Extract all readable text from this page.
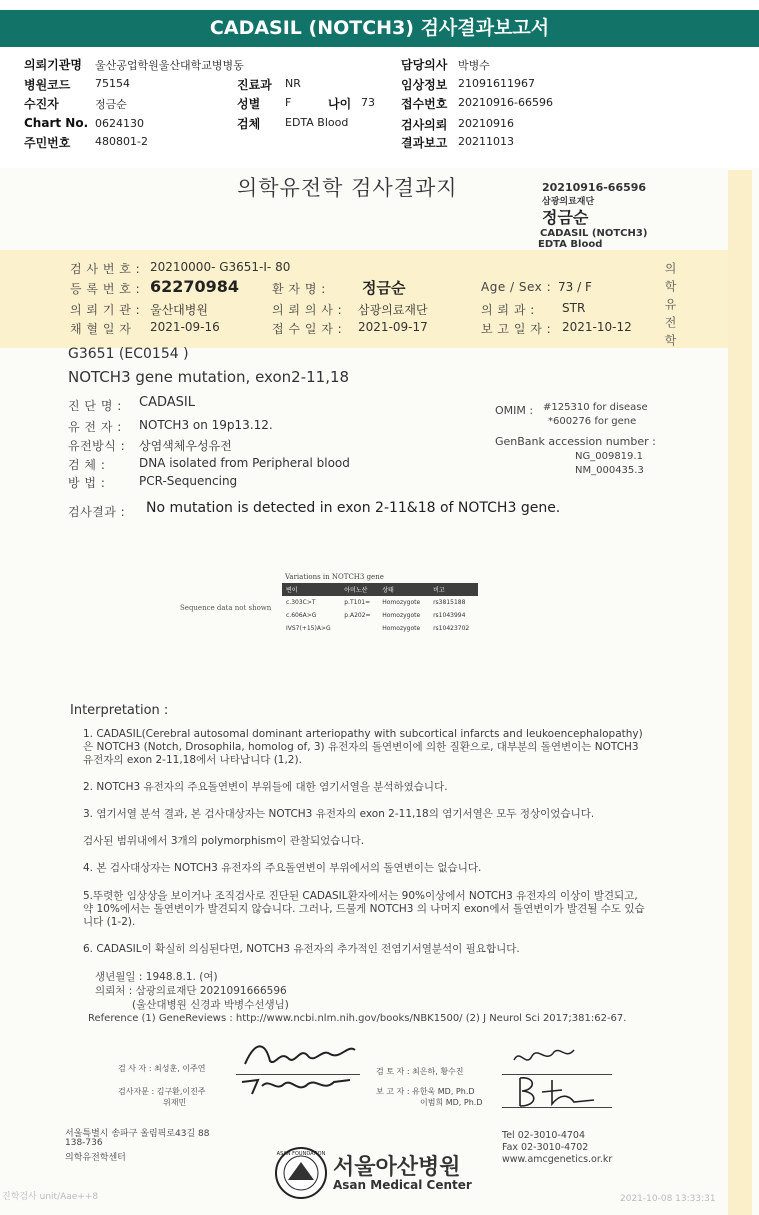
CADASIL (NOTCH3) 검사결과보고서
의뢰기관명 울산공업학원울산대학교병병동	담당의사 박병수
병원코드 75154	진료과 NR	임상정보 21091611967
수진자	정금순	성별 F	나이 73 접수번호 20210916-66596
Chart No. 0624130	검체 EDTA Blood	검사의뢰 20210916
주민번호 480801-2	결과보고 20211013
의학유전학 검사결과지	20210916-66596
삼광의료재단
정금순
CADASIL (NOTCH3)
EDTA Blood
의학유전학
검 사 번 호 : 20210000- G3651-I- 80
등 록 번 호 : 62270984	환 자 명 : 정금순	Age / Sex : 73 / F
의 뢰 기 관 : 울산대병원	의 뢰 의 사 : 삼광의료재단	의 뢰 과 : STR
채 혈 일 자 2021-09-16	접 수 일 자 : 2021-09-17	보 고 일 자 : 2021-10-12
G3651 (EC0154 )
NOTCH3 gene mutation, exon2-11,18
진 단 명 : CADASIL
유 전 자 : NOTCH3 on 19p13.12.
유전방식 : 상염색체우성유전
검 체 :	DNA isolated from Peripheral blood
방 법 :	PCR-Sequencing
OMIM : #125310 for disease
*600276 for gene
GenBank accession number :
NG_009819.1
NM_000435.3
검사결과 : No mutation is detected in exon 2-11&18 of NOTCH3 gene.
Variations in NOTCH3 gene
Sequence data not shown
변이	아미노산	상태	비고
c.303C>T	p.T101=	Homozygote	rs3815188
c.606A>G	p.A202=	Homozygote	rs1043994
IVS7(+15)A>G		Homozygote	rs10423702
Interpretation :
1. CADASIL(Cerebral autosomal dominant arteriopathy with subcortical infarcts and leukoencephalopathy)은 NOTCH3 (Notch, Drosophila, homolog of, 3) 유전자의 돌연변이에 의한 질환으로, 대부분의 돌연변이는 NOTCH3 유전자의 exon 2-11,18에서 나타납니다 (1,2).
2. NOTCH3 유전자의 주요돌연변이 부위들에 대한 염기서열을 분석하였습니다.
3. 염기서열 분석 결과, 본 검사대상자는 NOTCH3 유전자의 exon 2-11,18의 염기서열은 모두 정상이었습니다.
검사된 범위내에서 3개의 polymorphism이 관찰되었습니다.
4. 본 검사대상자는 NOTCH3 유전자의 주요돌연변이 부위에서의 돌연변이는 없습니다.
5.뚜렷한 임상상을 보이거나 조직검사로 진단된 CADASIL환자에서는 90%이상에서 NOTCH3 유전자의 이상이 발견되고, 약 10%에서는 돌연변이가 발견되지 않습니다. 그러나, 드물게 NOTCH3 의 나머지 exon에서 돌연변이가 발견될 수도 있습니다 (1-2).
6. CADASIL이 확실히 의심된다면, NOTCH3 유전자의 추가적인 전염기서열분석이 필요합니다.
생년월일 : 1948.8.1. (여)
의뢰처 : 삼광의료재단 2021091666596
(울산대병원 신경과 박병수선생님)
Reference (1) GeneReviews : http://www.ncbi.nlm.nih.gov/books/NBK1500/ (2) J Neurol Sci 2017;381:62-67.
검 사 자 : 최성훈, 이주연
검사자문 : 김구환,이진주
위재민
검 토 자 : 최은하, 황수진
보 고 자 : 유한욱 MD, Ph.D
이범희 MD, Ph.D
서울특별시 송파구 올림픽로43길 88
138-736
의학유전학센터
Tel 02-3010-4704
Fax 02-3010-4702
www.amcgenetics.or.kr
ASAN FOUNDATION
서울아산병원
Asan Medical Center
진학검사 unit/Aae++8	2021-10-08 13:33:31
